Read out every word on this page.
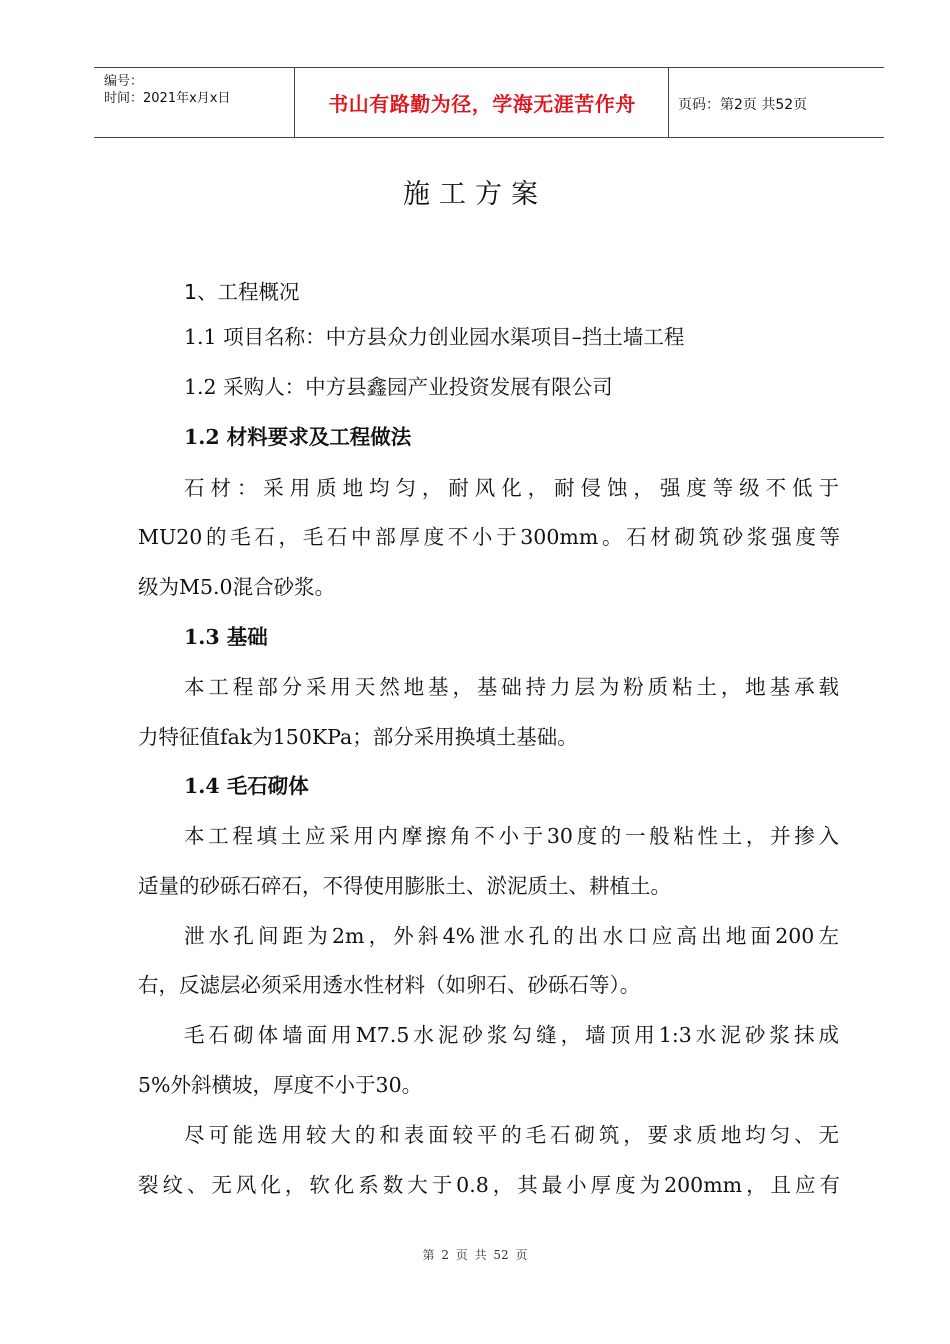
编号：
时间：2021年x月x日	书山有路勤为径，学海无涯苦作舟	页码：第2页 共52页
施工方案
1、工程概况
1.1 项目名称：中方县众力创业园水渠项目–挡土墙工程
1.2 采购人：中方县鑫园产业投资发展有限公司
1.2 材料要求及工程做法
石材：采用质地均匀，耐风化，耐侵蚀，强度等级不低于
MU20的毛石，毛石中部厚度不小于300mm。石材砌筑砂浆强度等
级为M5.0混合砂浆。
1.3 基础
本工程部分采用天然地基，基础持力层为粉质粘土，地基承载
力特征值fak为150KPa；部分采用换填土基础。
1.4 毛石砌体
本工程填土应采用内摩擦角不小于30度的一般粘性土，并掺入
适量的砂砾石碎石，不得使用膨胀土、淤泥质土、耕植土。
泄水孔间距为2m，外斜4%泄水孔的出水口应高出地面200左
右，反滤层必须采用透水性材料（如卵石、砂砾石等）。
毛石砌体墙面用M7.5水泥砂浆勾缝，墙顶用1:3水泥砂浆抹成
5%外斜横坡，厚度不小于30。
尽可能选用较大的和表面较平的毛石砌筑，要求质地均匀、无
裂纹、无风化，软化系数大于0.8，其最小厚度为200mm，且应有
第 2 页 共 52 页
